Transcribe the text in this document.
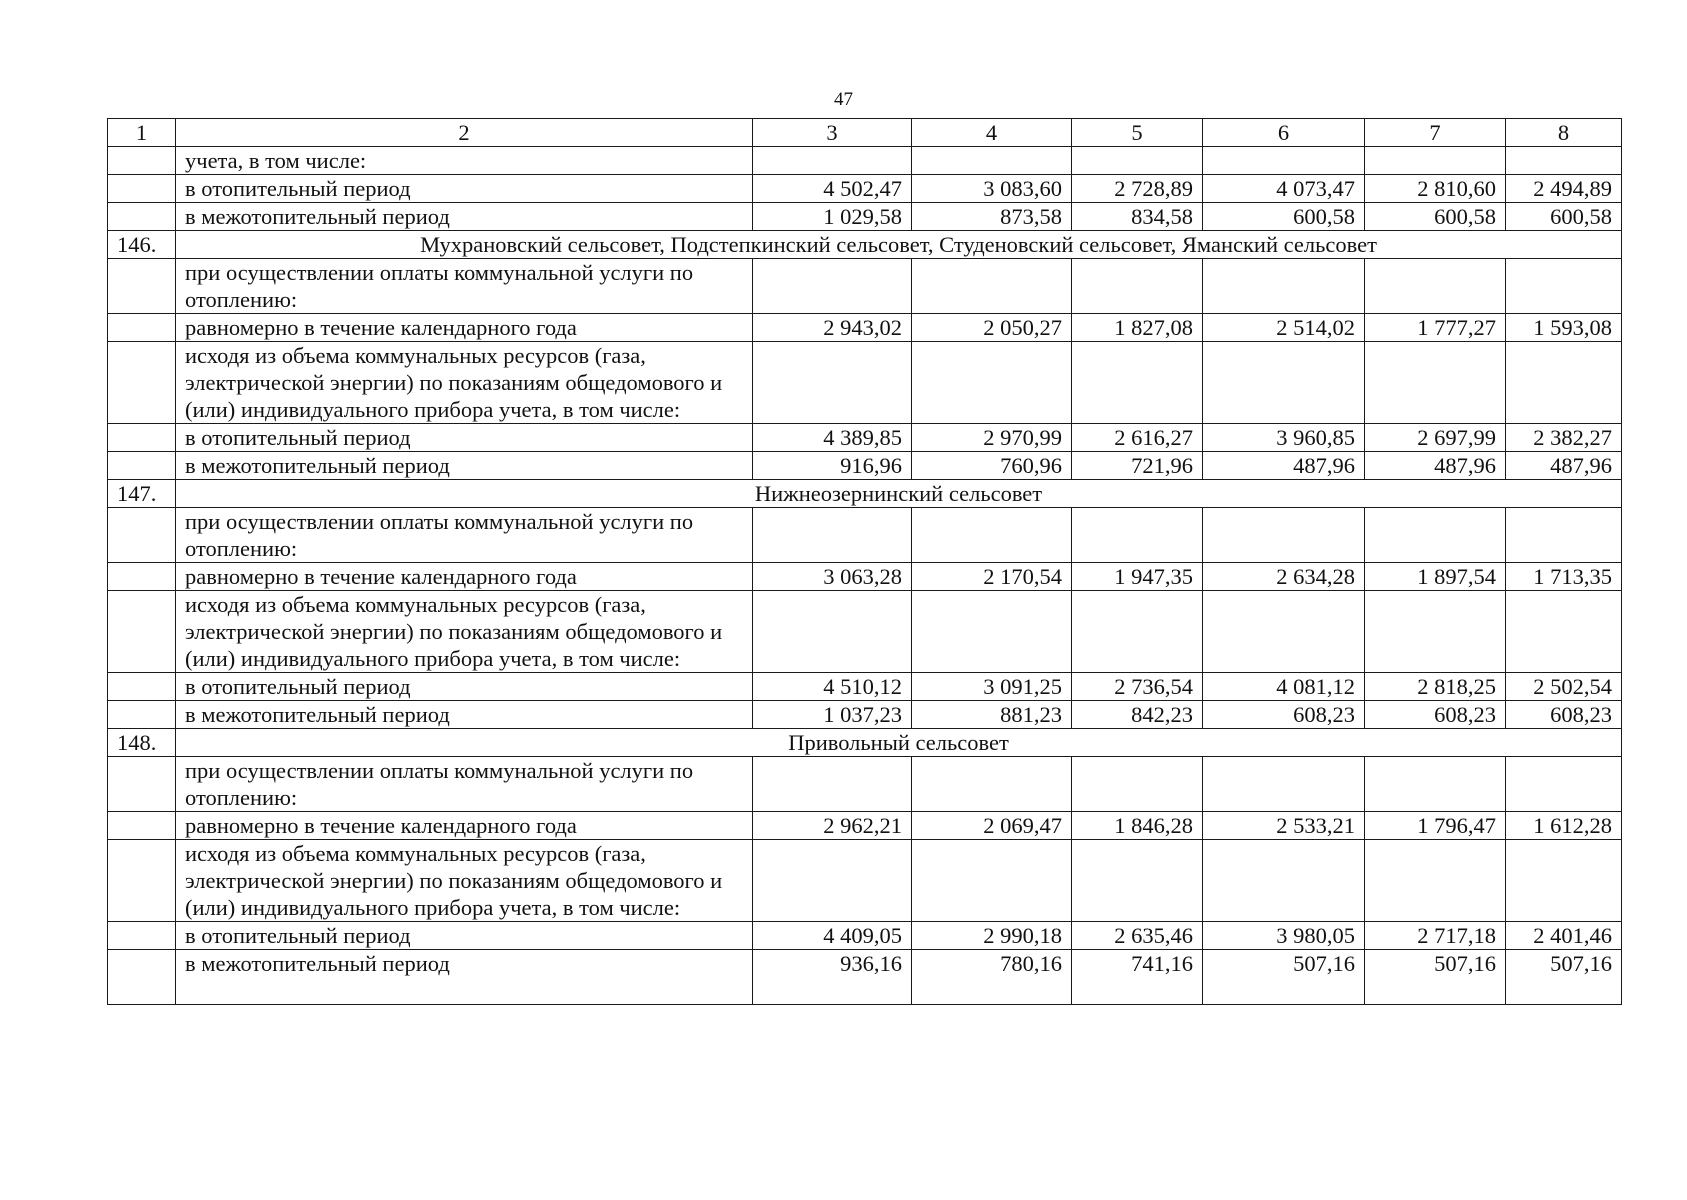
47
1	2	3	4	5	6	7	8
	учета, в том числе:						
	в отопительный период	4 502,47	3 083,60	2 728,89	4 073,47	2 810,60	2 494,89
	в межотопительный период	1 029,58	873,58	834,58	600,58	600,58	600,58
146.	Мухрановский сельсовет, Подстепкинский сельсовет, Студеновский сельсовет, Яманский сельсовет						
	при осуществлении оплаты коммунальной услуги по отоплению:						
	равномерно в течение календарного года	2 943,02	2 050,27	1 827,08	2 514,02	1 777,27	1 593,08
	исходя из объема коммунальных ресурсов (газа, электрической энергии) по показаниям общедомового и (или) индивидуального прибора учета, в том числе:						
	в отопительный период	4 389,85	2 970,99	2 616,27	3 960,85	2 697,99	2 382,27
	в межотопительный период	916,96	760,96	721,96	487,96	487,96	487,96
147.	Нижнеозернинский сельсовет						
	при осуществлении оплаты коммунальной услуги по отоплению:						
	равномерно в течение календарного года	3 063,28	2 170,54	1 947,35	2 634,28	1 897,54	1 713,35
	исходя из объема коммунальных ресурсов (газа, электрической энергии) по показаниям общедомового и (или) индивидуального прибора учета, в том числе:						
	в отопительный период	4 510,12	3 091,25	2 736,54	4 081,12	2 818,25	2 502,54
	в межотопительный период	1 037,23	881,23	842,23	608,23	608,23	608,23
148.	Привольный сельсовет						
	при осуществлении оплаты коммунальной услуги по отоплению:						
	равномерно в течение календарного года	2 962,21	2 069,47	1 846,28	2 533,21	1 796,47	1 612,28
	исходя из объема коммунальных ресурсов (газа, электрической энергии) по показаниям общедомового и (или) индивидуального прибора учета, в том числе:						
	в отопительный период	4 409,05	2 990,18	2 635,46	3 980,05	2 717,18	2 401,46
	в межотопительный период	936,16	780,16	741,16	507,16	507,16	507,16
